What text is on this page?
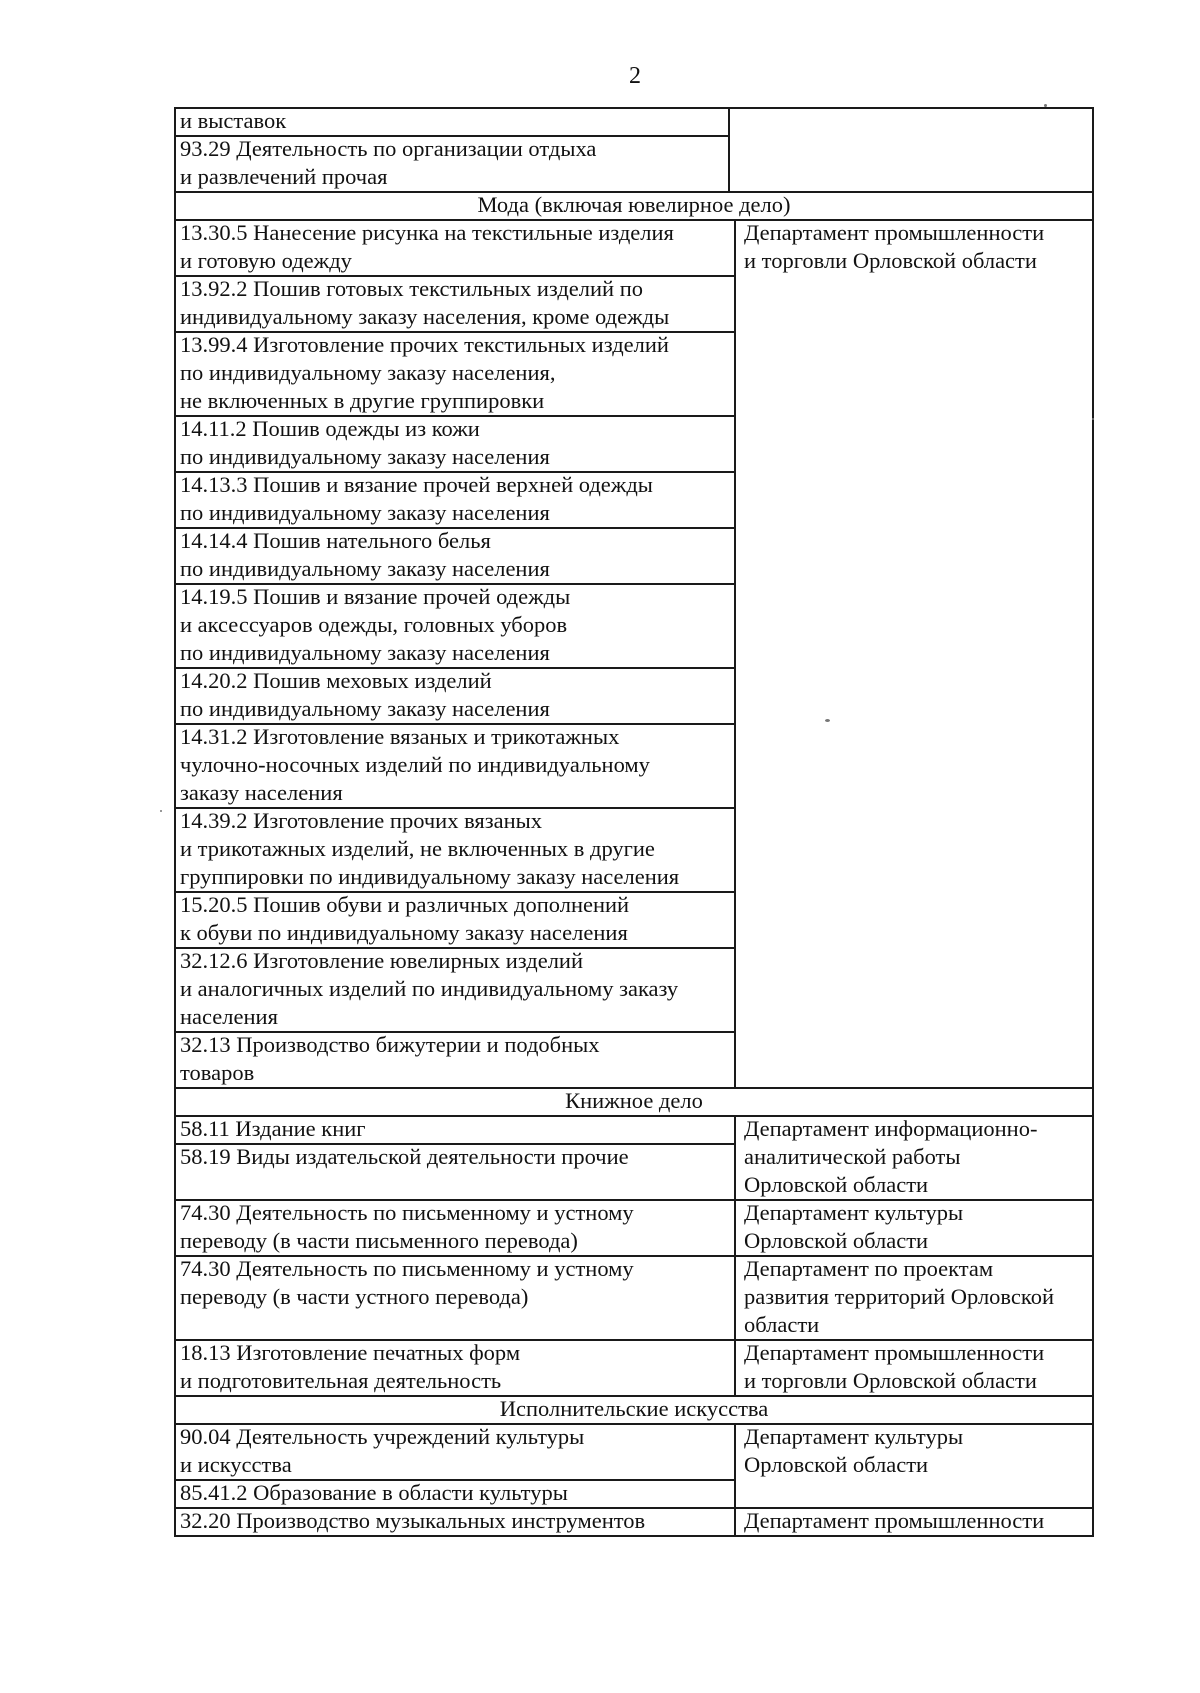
2
и выставок
93.29 Деятельность по организации отдыха
и развлечений прочая
Мода (включая ювелирное дело)
13.30.5 Нанесение рисунка на текстильные изделия
и готовую одежду
Департамент промышленности
и торговли Орловской области
13.92.2 Пошив готовых текстильных изделий по
индивидуальному заказу населения, кроме одежды
13.99.4 Изготовление прочих текстильных изделий
по индивидуальному заказу населения,
не включенных в другие группировки
14.11.2 Пошив одежды из кожи
по индивидуальному заказу населения
14.13.3 Пошив и вязание прочей верхней одежды
по индивидуальному заказу населения
14.14.4 Пошив нательного белья
по индивидуальному заказу населения
14.19.5 Пошив и вязание прочей одежды
и аксессуаров одежды, головных уборов
по индивидуальному заказу населения
14.20.2 Пошив меховых изделий
по индивидуальному заказу населения
14.31.2 Изготовление вязаных и трикотажных
чулочно-носочных изделий по индивидуальному
заказу населения
14.39.2 Изготовление прочих вязаных
и трикотажных изделий, не включенных в другие
группировки по индивидуальному заказу населения
15.20.5 Пошив обуви и различных дополнений
к обуви по индивидуальному заказу населения
32.12.6 Изготовление ювелирных изделий
и аналогичных изделий по индивидуальному заказу
населения
32.13 Производство бижутерии и подобных
товаров
Книжное дело
58.11 Издание книг	Департамент информационно-
аналитической работы
Орловской области
58.19 Виды издательской деятельности прочие
74.30 Деятельность по письменному и устному
переводу (в части письменного перевода)
Департамент культуры
Орловской области
74.30 Деятельность по письменному и устному
переводу (в части устного перевода)
Департамент по проектам
развития территорий Орловской
области
18.13 Изготовление печатных форм
и подготовительная деятельность
Департамент промышленности
и торговли Орловской области
Исполнительские искусства
90.04 Деятельность учреждений культуры
и искусства
Департамент культуры
Орловской области
85.41.2 Образование в области культуры
32.20 Производство музыкальных инструментов	Департамент промышленности
